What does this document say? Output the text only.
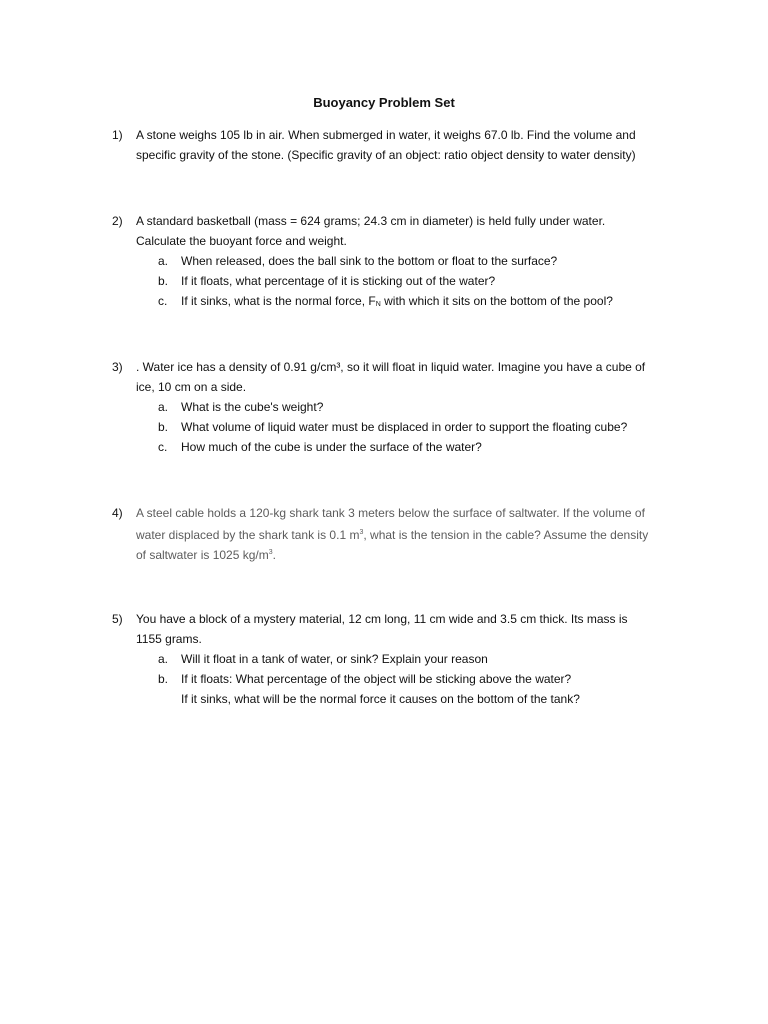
Buoyancy Problem Set
1) A stone weighs 105 lb in air. When submerged in water, it weighs 67.0 lb. Find the volume and
specific gravity of the stone. (Specific gravity of an object: ratio object density to water density)
2) A standard basketball (mass = 624 grams; 24.3 cm in diameter) is held fully under water.
Calculate the buoyant force and weight.
a. When released, does the ball sink to the bottom or float to the surface?
b. If it floats, what percentage of it is sticking out of the water?
c. If it sinks, what is the normal force, FN with which it sits on the bottom of the pool?
3) . Water ice has a density of 0.91 g/cm³, so it will float in liquid water. Imagine you have a cube of
ice, 10 cm on a side.
a. What is the cube's weight?
b. What volume of liquid water must be displaced in order to support the floating cube?
c. How much of the cube is under the surface of the water?
4) A steel cable holds a 120-kg shark tank 3 meters below the surface of saltwater. If the volume of
water displaced by the shark tank is 0.1 $m^3$, what is the tension in the cable? Assume the density
of saltwater is 1025 $kg/m^3$.
5) You have a block of a mystery material, 12 cm long, 11 cm wide and 3.5 cm thick. Its mass is
1155 grams.
a. Will it float in a tank of water, or sink? Explain your reason
b. If it floats: What percentage of the object will be sticking above the water?
If it sinks, what will be the normal force it causes on the bottom of the tank?
